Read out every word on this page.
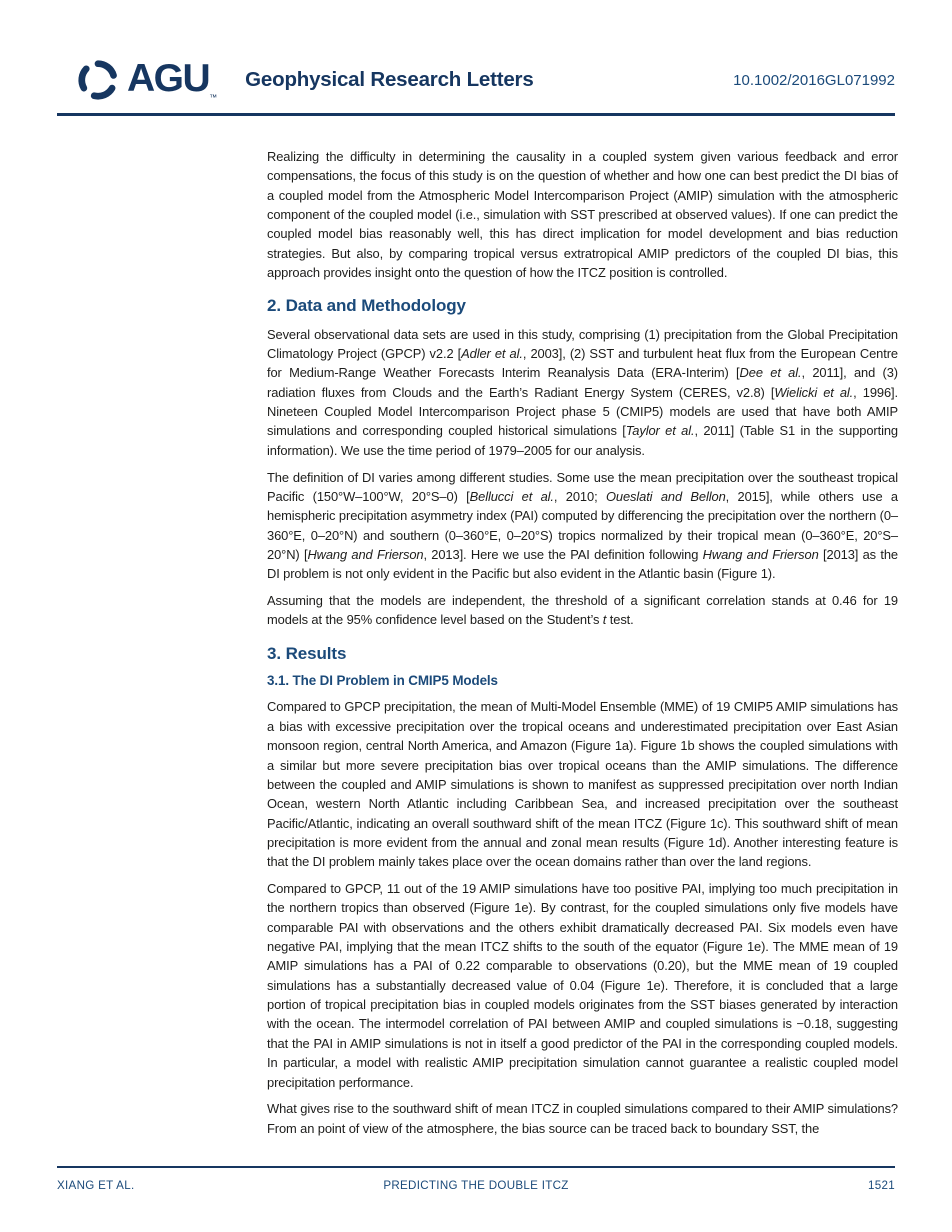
$AGU_™$
Geophysical Research Letters	10.1002/2016GL071992

Realizing the difficulty in determining the causality in a coupled system given various feedback and error compensations, the focus of this study is on the question of whether and how one can best predict the DI bias of a coupled model from the Atmospheric Model Intercomparison Project (AMIP) simulation with the atmospheric component of the coupled model (i.e., simulation with SST prescribed at observed values). If one can predict the coupled model bias reasonably well, this has direct implication for model development and bias reduction strategies. But also, by comparing tropical versus extratropical AMIP predictors of the coupled DI bias, this approach provides insight onto the question of how the ITCZ position is controlled.

2. Data and Methodology

Several observational data sets are used in this study, comprising (1) precipitation from the Global Precipitation Climatology Project (GPCP) v2.2 [Adler et al., 2003], (2) SST and turbulent heat flux from the European Centre for Medium-Range Weather Forecasts Interim Reanalysis Data (ERA-Interim) [Dee et al., 2011], and (3) radiation fluxes from Clouds and the Earth’s Radiant Energy System (CERES, v2.8) [Wielicki et al., 1996]. Nineteen Coupled Model Intercomparison Project phase 5 (CMIP5) models are used that have both AMIP simulations and corresponding coupled historical simulations [Taylor et al., 2011] (Table S1 in the supporting information). We use the time period of 1979–2005 for our analysis.

The definition of DI varies among different studies. Some use the mean precipitation over the southeast tropical Pacific (150°W–100°W, 20°S–0) [Bellucci et al., 2010; Oueslati and Bellon, 2015], while others use a hemispheric precipitation asymmetry index (PAI) computed by differencing the precipitation over the northern (0–360°E, 0–20°N) and southern (0–360°E, 0–20°S) tropics normalized by their tropical mean (0–360°E, 20°S–20°N) [Hwang and Frierson, 2013]. Here we use the PAI definition following Hwang and Frierson [2013] as the DI problem is not only evident in the Pacific but also evident in the Atlantic basin (Figure 1).

Assuming that the models are independent, the threshold of a significant correlation stands at 0.46 for 19 models at the 95% confidence level based on the Student’s t test.

3. Results
3.1. The DI Problem in CMIP5 Models

Compared to GPCP precipitation, the mean of Multi-Model Ensemble (MME) of 19 CMIP5 AMIP simulations has a bias with excessive precipitation over the tropical oceans and underestimated precipitation over East Asian monsoon region, central North America, and Amazon (Figure 1a). Figure 1b shows the coupled simulations with a similar but more severe precipitation bias over tropical oceans than the AMIP simulations. The difference between the coupled and AMIP simulations is shown to manifest as suppressed precipitation over north Indian Ocean, western North Atlantic including Caribbean Sea, and increased precipitation over the southeast Pacific/Atlantic, indicating an overall southward shift of the mean ITCZ (Figure 1c). This southward shift of mean precipitation is more evident from the annual and zonal mean results (Figure 1d). Another interesting feature is that the DI problem mainly takes place over the ocean domains rather than over the land regions.

Compared to GPCP, 11 out of the 19 AMIP simulations have too positive PAI, implying too much precipitation in the northern tropics than observed (Figure 1e). By contrast, for the coupled simulations only five models have comparable PAI with observations and the others exhibit dramatically decreased PAI. Six models even have negative PAI, implying that the mean ITCZ shifts to the south of the equator (Figure 1e). The MME mean of 19 AMIP simulations has a PAI of 0.22 comparable to observations (0.20), but the MME mean of 19 coupled simulations has a substantially decreased value of 0.04 (Figure 1e). Therefore, it is concluded that a large portion of tropical precipitation bias in coupled models originates from the SST biases generated by interaction with the ocean. The intermodel correlation of PAI between AMIP and coupled simulations is −0.18, suggesting that the PAI in AMIP simulations is not in itself a good predictor of the PAI in the corresponding coupled models. In particular, a model with realistic AMIP precipitation simulation cannot guarantee a realistic coupled model precipitation performance.

What gives rise to the southward shift of mean ITCZ in coupled simulations compared to their AMIP simulations? From an point of view of the atmosphere, the bias source can be traced back to boundary SST, the

XIANG ET AL.	PREDICTING THE DOUBLE ITCZ	1521
